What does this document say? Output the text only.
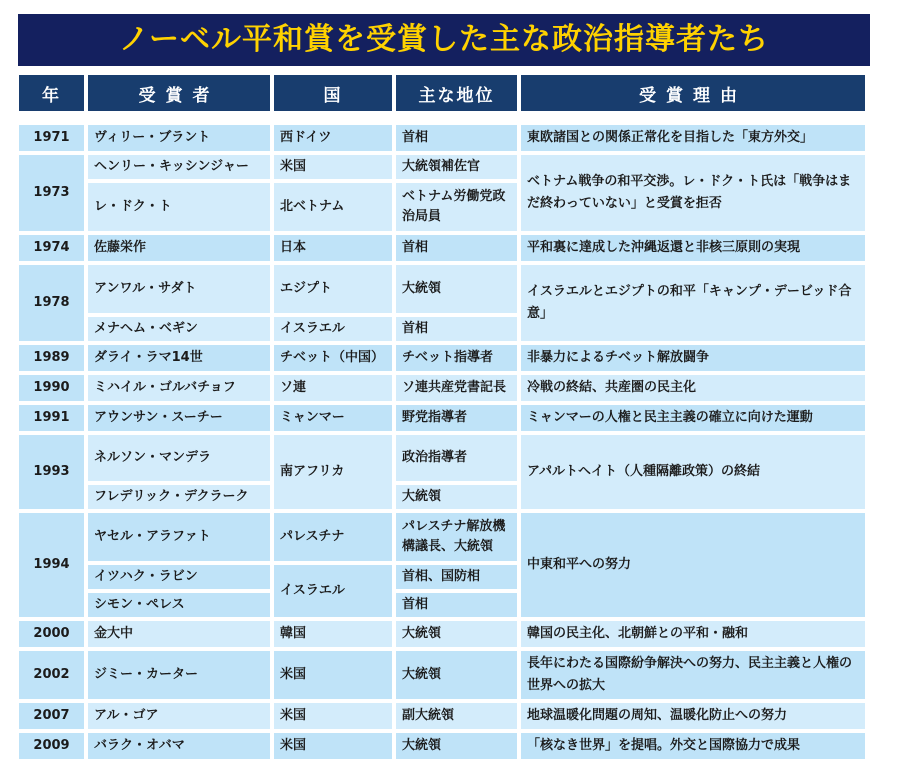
ノーベル平和賞を受賞した主な政治指導者たち
年	受賞者	国	主な地位	受賞理由

1971	ヴィリー・ブラント	西ドイツ	首相	東欧諸国との関係正常化を目指した「東方外交」
1973	ヘンリー・キッシンジャー	米国	大統領補佐官	ベトナム戦争の和平交渉。レ・ドク・ト氏は「戦争はまだ終わっていない」と受賞を拒否
	レ・ドク・ト	北ベトナム	ベトナム労働党政治局員	
1974	佐藤栄作	日本	首相	平和裏に達成した沖縄返還と非核三原則の実現
1978	アンワル・サダト	エジプト	大統領	イスラエルとエジプトの和平「キャンプ・デービッド合意」
	メナヘム・ベギン	イスラエル	首相	
1989	ダライ・ラマ14世	チベット（中国）	チベット指導者	非暴力によるチベット解放闘争
1990	ミハイル・ゴルバチョフ	ソ連	ソ連共産党書記長	冷戦の終結、共産圏の民主化
1991	アウンサン・スーチー	ミャンマー	野党指導者	ミャンマーの人権と民主主義の確立に向けた運動
1993	ネルソン・マンデラ	南アフリカ	政治指導者	アパルトヘイト（人種隔離政策）の終結
	フレデリック・デクラーク		大統領	
1994	ヤセル・アラファト	パレスチナ	パレスチナ解放機構議長、大統領	中東和平への努力
	イツハク・ラビン	イスラエル	首相、国防相	
	シモン・ペレス		首相	
2000	金大中	韓国	大統領	韓国の民主化、北朝鮮との平和・融和
2002	ジミー・カーター	米国	大統領	長年にわたる国際紛争解決への努力、民主主義と人権の世界への拡大
2007	アル・ゴア	米国	副大統領	地球温暖化問題の周知、温暖化防止への努力
2009	バラク・オバマ	米国	大統領	「核なき世界」を提唱。外交と国際協力で成果
